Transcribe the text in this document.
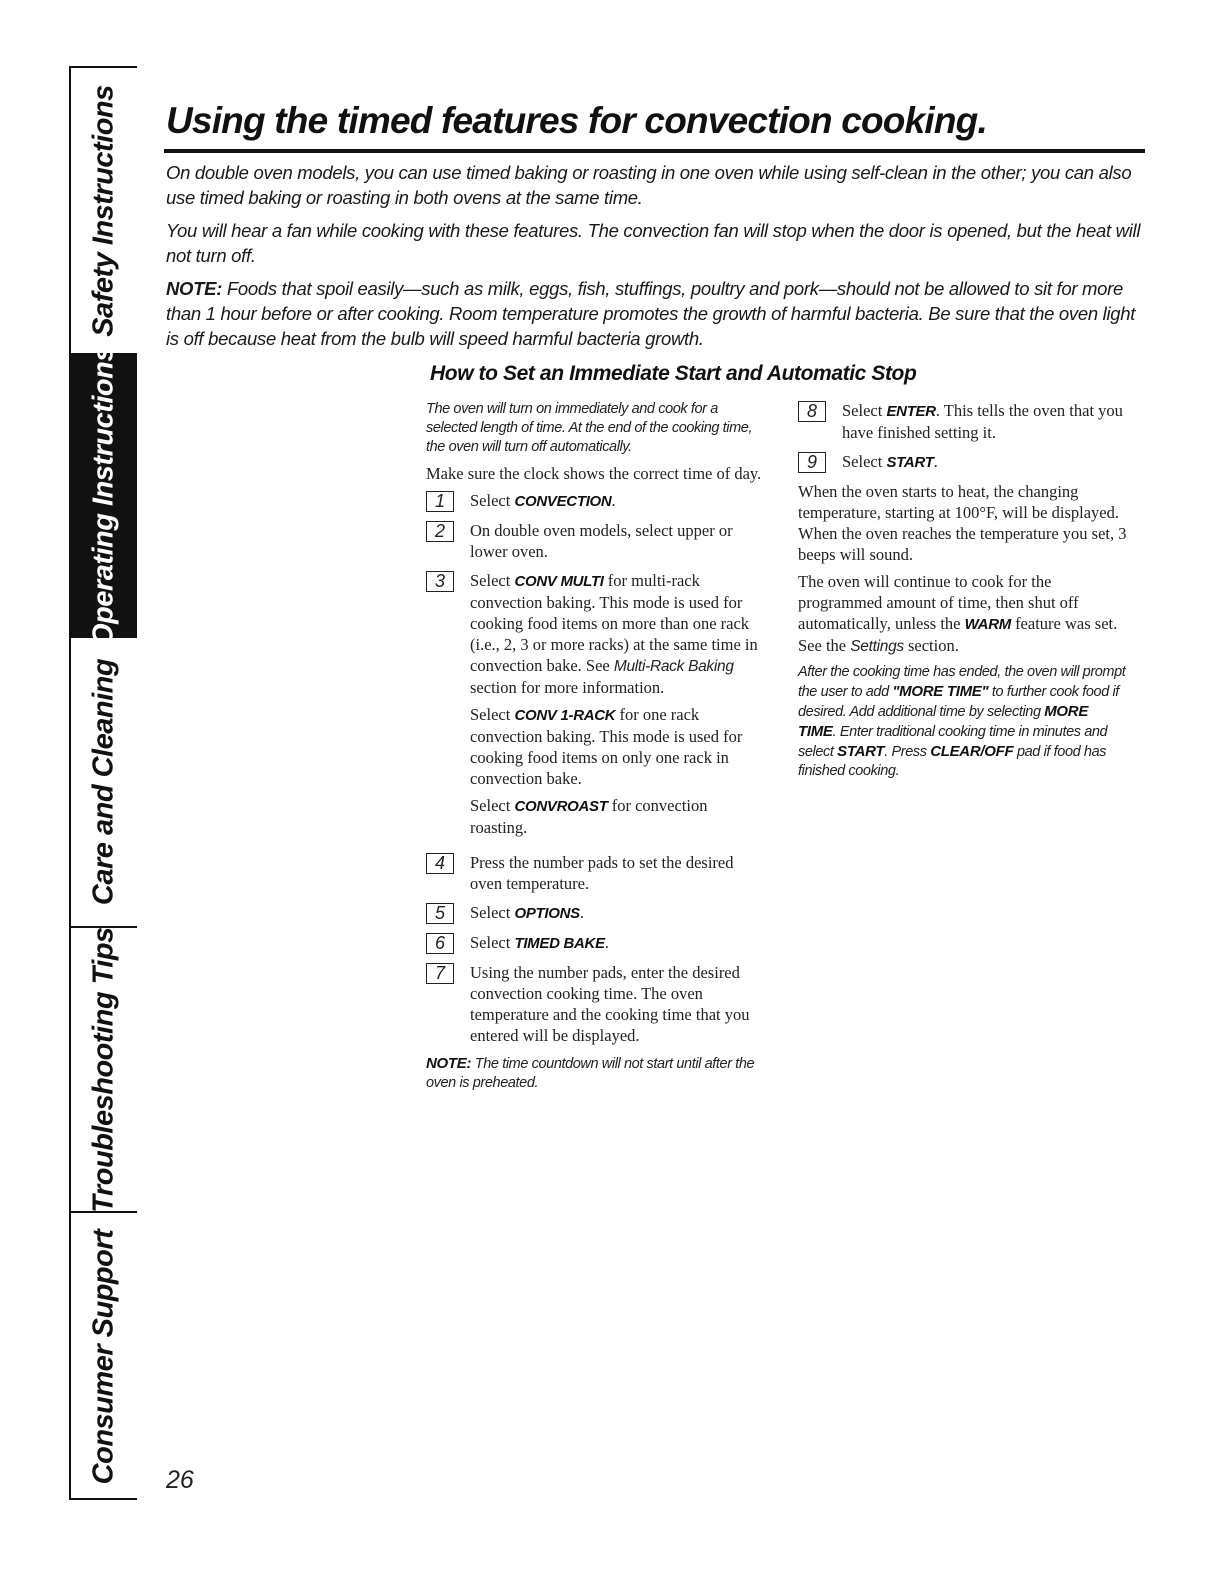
Safety Instructions
Operating Instructions
Care and Cleaning
Troubleshooting Tips
Consumer Support
Using the timed features for convection cooking.

On double oven models, you can use timed baking or roasting in one oven while using self-clean in the other; you can also use timed baking or roasting in both ovens at the same time.

You will hear a fan while cooking with these features. The convection fan will stop when the door is opened, but the heat will not turn off.

NOTE: Foods that spoil easily—such as milk, eggs, fish, stuffings, poultry and pork—should not be allowed to sit for more than 1 hour before or after cooking. Room temperature promotes the growth of harmful bacteria. Be sure that the oven light is off because heat from the bulb will speed harmful bacteria growth.

How to Set an Immediate Start and Automatic Stop

The oven will turn on immediately and cook for a selected length of time. At the end of the cooking time, the oven will turn off automatically.

Make sure the clock shows the correct time of day.

1	Select CONVECTION.
2	On double oven models, select upper or lower oven.
3	Select CONV MULTI for multi-rack convection baking. This mode is used for cooking food items on more than one rack (i.e., 2, 3 or more racks) at the same time in convection bake. See Multi-Rack Baking section for more information.

Select CONV 1-RACK for one rack convection baking. This mode is used for cooking food items on only one rack in convection bake.

Select CONVROAST for convection roasting.

4	Press the number pads to set the desired oven temperature.
5	Select OPTIONS.
6	Select TIMED BAKE.
7	Using the number pads, enter the desired convection cooking time. The oven temperature and the cooking time that you entered will be displayed.

NOTE: The time countdown will not start until after the oven is preheated.

8	Select ENTER. This tells the oven that you have finished setting it.
9	Select START.

When the oven starts to heat, the changing temperature, starting at 100°F, will be displayed. When the oven reaches the temperature you set, 3 beeps will sound.

The oven will continue to cook for the programmed amount of time, then shut off automatically, unless the WARM feature was set. See the Settings section.

After the cooking time has ended, the oven will prompt the user to add "MORE TIME" to further cook food if desired. Add additional time by selecting MORE TIME. Enter traditional cooking time in minutes and select START. Press CLEAR/OFF pad if food has finished cooking.

26
